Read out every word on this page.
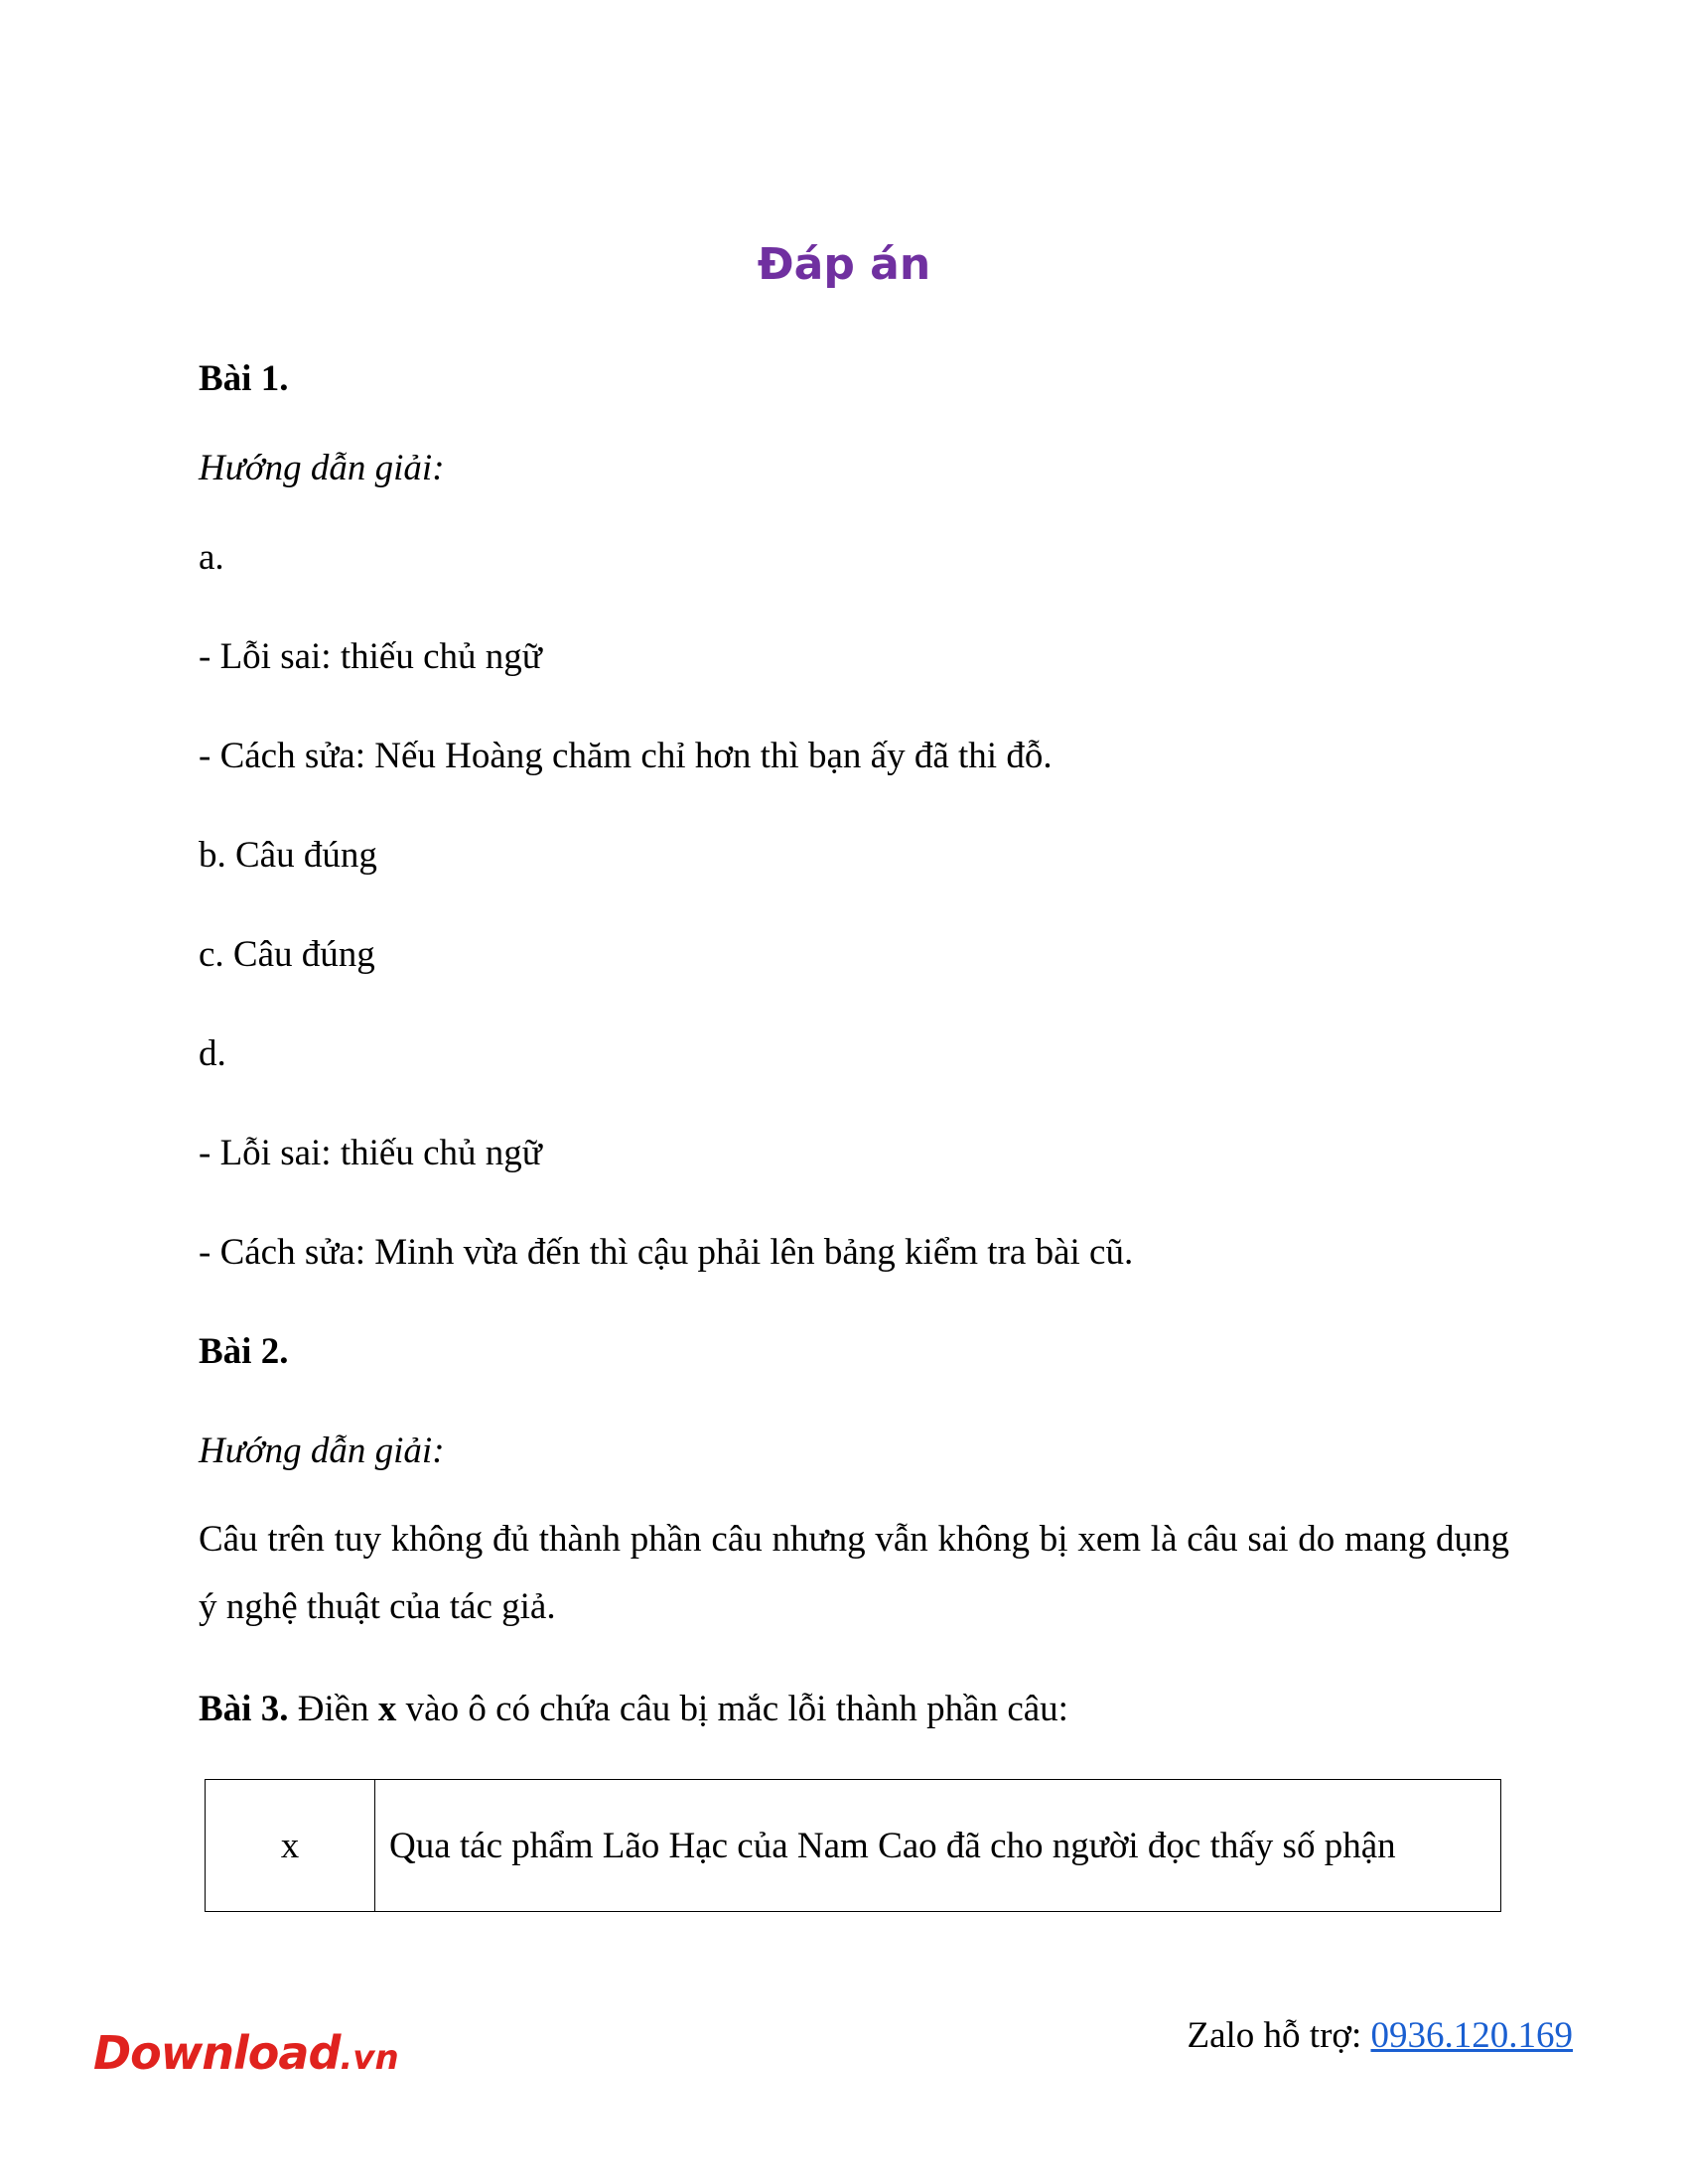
Đáp án
Bài 1.
Hướng dẫn giải:
a.
- Lỗi sai: thiếu chủ ngữ
- Cách sửa: Nếu Hoàng chăm chỉ hơn thì bạn ấy đã thi đỗ.
b. Câu đúng
c. Câu đúng
d.
- Lỗi sai: thiếu chủ ngữ
- Cách sửa: Minh vừa đến thì cậu phải lên bảng kiểm tra bài cũ.
Bài 2.
Hướng dẫn giải:
Câu trên tuy không đủ thành phần câu nhưng vẫn không bị xem là câu sai do mang dụng ý nghệ thuật của tác giả.
Bài 3. Điền x vào ô có chứa câu bị mắc lỗi thành phần câu:
x	Qua tác phẩm Lão Hạc của Nam Cao đã cho người đọc thấy số phận
Download.vn
Zalo hỗ trợ: 0936.120.169
